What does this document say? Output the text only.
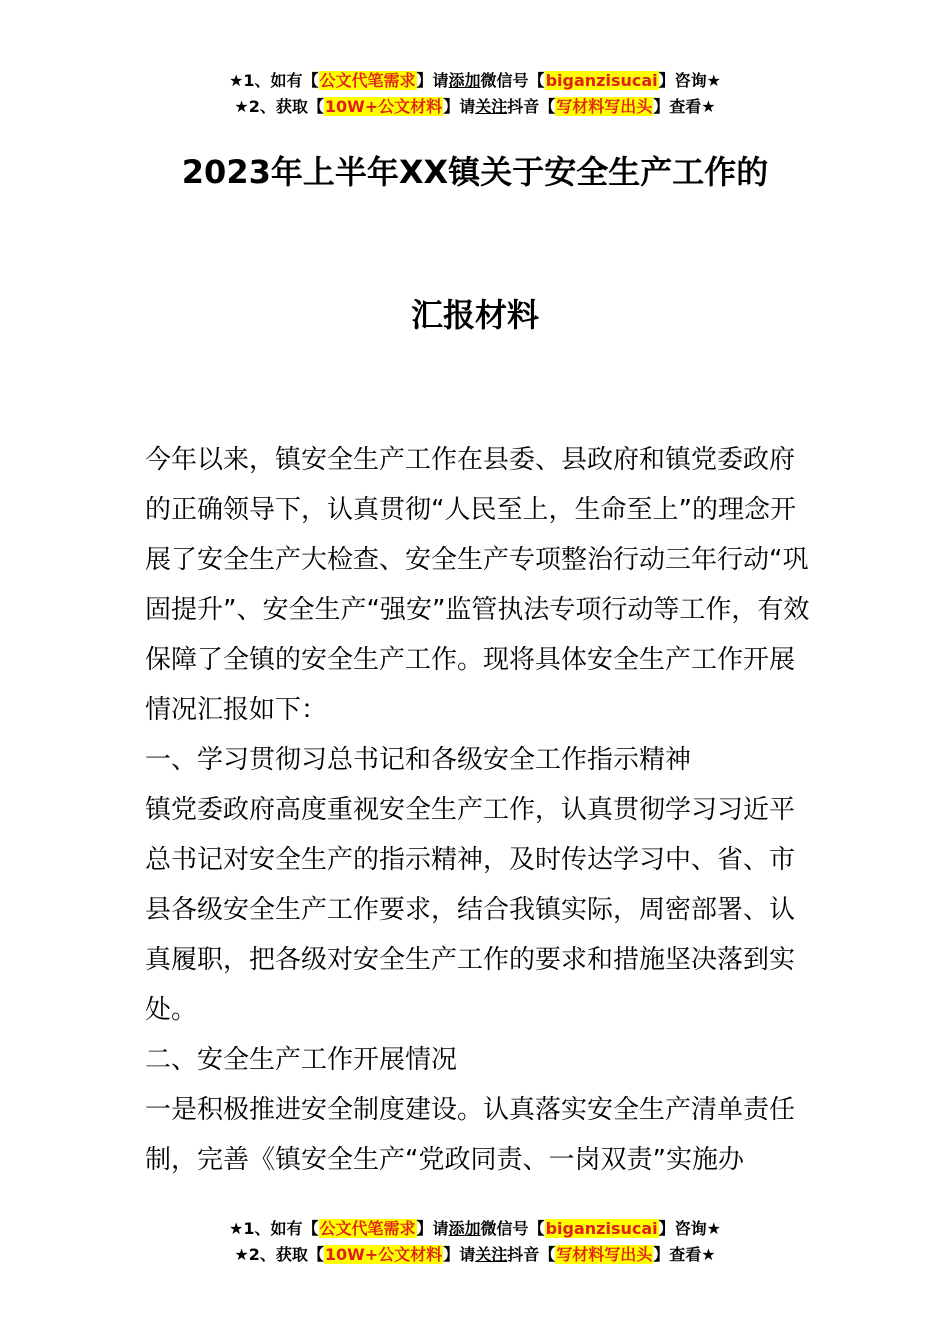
★1、如有【公文代笔需求】请添加微信号【biganzisucai】咨询★
★2、获取【10W+公文材料】请关注抖音【写材料写出头】查看★
2023年上半年XX镇关于安全生产工作的
汇报材料

今年以来，镇安全生产工作在县委、县政府和镇党委政府的正确领导下，认真贯彻“人民至上，生命至上”的理念开展了安全生产大检查、安全生产专项整治行动三年行动“巩固提升”、安全生产“强安”监管执法专项行动等工作，有效保障了全镇的安全生产工作。现将具体安全生产工作开展情况汇报如下：

一、学习贯彻习总书记和各级安全工作指示精神

镇党委政府高度重视安全生产工作，认真贯彻学习习近平总书记对安全生产的指示精神，及时传达学习中、省、市县各级安全生产工作要求，结合我镇实际，周密部署、认真履职，把各级对安全生产工作的要求和措施坚决落到实处。

二、安全生产工作开展情况

一是积极推进安全制度建设。认真落实安全生产清单责任制，完善《镇安全生产“党政同责、一岗双责”实施办

★1、如有【公文代笔需求】请添加微信号【biganzisucai】咨询★
★2、获取【10W+公文材料】请关注抖音【写材料写出头】查看★
